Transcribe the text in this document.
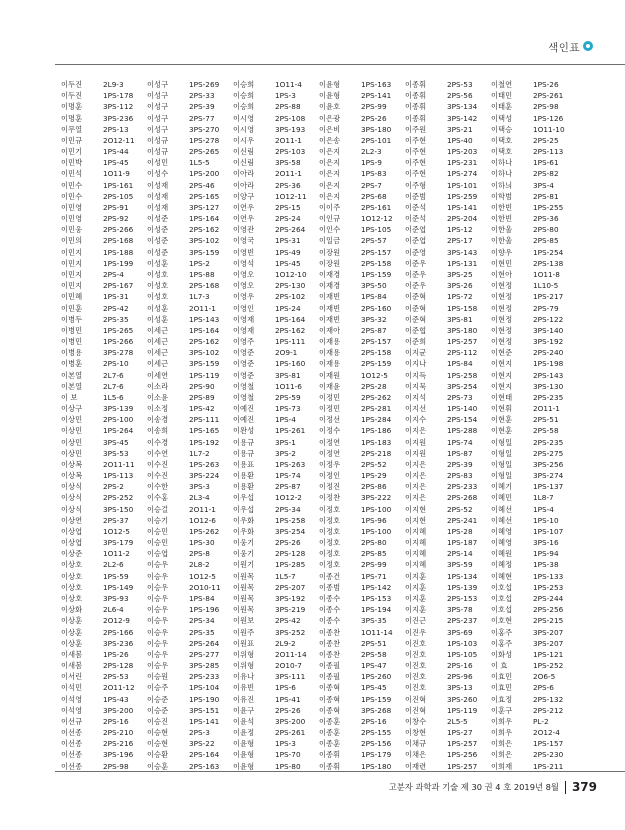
색인표
이두진	2L9-3	이성구	1PS-269	이승희	1O11-4	이윤형	1PS-163	이종휘	2PS-53	이철연	1PS-26
이두진	1PS-178	이성구	2PS-33	이승희	1PS-3	이윤형	2PS-141	이종휘	2PS-56	이태민	2PS-261
이명훈	3PS-112	이성구	2PS-39	이승희	2PS-88	이윤호	2PS-99	이종휘	3PS-134	이태훈	2PS-98
이명훈	3PS-236	이성구	2PS-77	이시영	2PS-108	이은광	2PS-26	이종휘	3PS-142	이택성	1PS-126
이무열	2PS-13	이성구	3PS-270	이시영	3PS-193	이은비	3PS-180	이주원	3PS-21	이택승	1O11-10
이민규	2O12-11	이성규	1PS-278	이시우	2O11-1	이은송	2PS-101	이주현	1PS-40	이택호	2PS-25
이민기	1PS-44	이성규	2PS-265	이신림	2PS-103	이은지	2L2-3	이주현	1PS-203	이택호	2PS-113
이민박	1PS-45	이성민	1L5-5	이신림	3PS-58	이은지	1PS-9	이주현	1PS-231	이하나	1PS-61
이민석	1O11-9	이성수	1PS-200	이아라	2O11-1	이은지	1PS-83	이주현	1PS-274	이하나	2PS-82
이민수	1PS-161	이성재	2PS-46	이아라	2PS-36	이은지	2PS-7	이주형	1PS-101	이하늬	3PS-4
이민수	2PS-105	이성재	2PS-165	이양구	1O12-11	이은지	2PS-68	이준범	1PS-259	이학범	2PS-81
이민영	2PS-91	이성재	3PS-127	이연우	2PS-15	이이주	2PS-161	이준석	1PS-141	이한빈	1PS-255
이민영	2PS-92	이성준	1PS-164	이연우	2PS-24	이인규	1O12-12	이준석	2PS-204	이한빈	2PS-36
이민웅	2PS-266	이성준	2PS-162	이영관	2PS-264	이인수	1PS-105	이준엽	1PS-12	이한울	2PS-80
이민의	2PS-168	이성준	3PS-102	이영국	1PS-31	이일금	2PS-57	이준엽	2PS-17	이한울	2PS-85
이민지	1PS-188	이성준	3PS-159	이영빈	1PS-49	이장원	2PS-157	이준영	3PS-143	이향우	1PS-254
이민지	1PS-199	이성훈	1PS-2	이영석	1PS-45	이장원	2PS-158	이준우	1PS-131	이현민	2PS-138
이민지	2PS-4	이성호	1PS-88	이영오	1O12-10	이재경	1PS-159	이준우	3PS-25	이현아	1O11-8
이민지	2PS-167	이성호	2PS-168	이영오	2PS-130	이재경	3PS-50	이준우	3PS-26	이현정	1L10-5
이민혜	1PS-31	이성호	1L7-3	이영우	2PS-102	이재빈	1PS-84	이준혁	1PS-72	이현정	1PS-217
이민훈	2PS-42	이성훈	2O11-1	이영인	1PS-24	이재빈	2PS-160	이준혁	1PS-158	이현정	2PS-79
이병두	2PS-35	이성훈	1PS-143	이영재	1PS-164	이재빈	3PS-32	이준혁	3PS-81	이현정	2PS-122
이병민	1PS-265	이세근	1PS-164	이영재	2PS-162	이재아	2PS-87	이준협	3PS-180	이현정	3PS-140
이병민	1PS-266	이세근	2PS-162	이영주	1PS-111	이재용	2PS-157	이준희	1PS-257	이현정	3PS-192
이병용	3PS-278	이세근	3PS-102	이영준	2O9-1	이재용	2PS-158	이지균	2PS-112	이현준	2PS-240
이병훈	2PS-10	이세근	3PS-159	이영준	1PS-160	이재용	2PS-159	이지나	1PS-84	이현지	1PS-198
이본열	2L7-6	이세연	1PS-119	이영준	3PS-81	이재원	1O12-5	이지득	1PS-258	이현지	2PS-143
이본열	2L7-6	이소라	2PS-90	이영철	1O11-6	이재윤	2PS-28	이지묵	3PS-254	이현지	3PS-130
이 보	1L5-6	이소윤	2PS-89	이영철	2PS-59	이정민	2PS-262	이지석	2PS-73	이현태	2PS-235
이상구	3PS-139	이소정	1PS-42	이예진	1PS-73	이정민	2PS-281	이지선	1PS-140	이현휘	2O11-1
이상민	2PS-100	이송경	2PS-111	이예진	1PS-4	이정선	1PS-284	이지수	2PS-154	이현훈	2PS-51
이상민	1PS-264	이송희	1PS-165	이완성	1PS-261	이정수	1PS-186	이지은	1PS-288	이현훈	2PS-58
이상민	3PS-45	이수경	1PS-192	이용규	3PS-1	이정연	1PS-183	이지원	1PS-74	이형일	2PS-235
이상민	3PS-53	이수연	1L7-2	이용규	3PS-2	이정연	2PS-218	이지원	1PS-87	이형일	2PS-275
이상복	2O11-11	이수진	1PS-263	이용표	1PS-263	이정우	2PS-52	이지은	2PS-39	이형일	3PS-256
이상복	1PS-113	이수진	3PS-224	이용환	1PS-74	이정인	1PS-29	이지은	2PS-83	이형일	3PS-274
이상식	2PS-2	이수한	3PS-3	이용환	2PS-87	이정진	2PS-86	이지은	2PS-233	이혜기	1PS-137
이상식	2PS-252	이수홍	2L3-4	이우섭	1O12-2	이정찬	3PS-222	이지은	2PS-268	이혜민	1L8-7
이상식	3PS-150	이승걸	2O11-1	이우섭	2PS-34	이정호	1PS-100	이지현	2PS-52	이혜선	1PS-4
이상연	2PS-37	이승기	1O12-6	이우화	1PS-258	이정호	1PS-96	이지현	2PS-241	이혜선	1PS-10
이상엽	1O12-5	이승민	1PS-262	이우화	3PS-254	이정호	1PS-100	이지혜	1PS-28	이혜영	1PS-107
이상엽	3PS-179	이승민	1PS-30	이웅기	2PS-26	이정호	2PS-80	이지혜	1PS-187	이혜영	3PS-16
이상준	1O11-2	이승엽	2PS-8	이웅기	2PS-128	이정호	2PS-85	이지혜	2PS-14	이혜원	1PS-94
이상호	2L2-6	이승우	2L8-2	이원기	1PS-285	이정호	2PS-99	이지혜	3PS-59	이혜정	1PS-38
이상호	1PS-59	이승우	1O12-5	이원목	1L5-7	이종건	1PS-71	이지훈	1PS-134	이혜현	1PS-133
이상호	1PS-149	이승우	2O10-11	이원목	2PS-207	이종범	1PS-142	이지훈	1PS-139	이호섭	1PS-253
이상호	3PS-93	이승우	1PS-84	이원목	3PS-192	이종수	1PS-153	이지훈	2PS-153	이호섭	2PS-244
이상화	2L6-4	이승우	1PS-196	이원목	3PS-219	이종수	1PS-194	이지훈	3PS-78	이호섭	2PS-256
이상훈	2O12-9	이승우	2PS-34	이원보	2PS-42	이종수	3PS-35	이진근	2PS-237	이호현	2PS-215
이상훈	2PS-166	이승우	2PS-35	이원주	3PS-252	이종찬	1O11-14	이진우	3PS-69	이홍주	3PS-207
이상훈	3PS-236	이승우	2PS-264	이원표	2L9-2	이종찬	2PS-51	이진호	1PS-103	이홍주	3PS-207
이새봄	1PS-26	이승우	2PS-277	이위형	2O11-14	이종찬	2PS-58	이진호	1PS-105	이화성	1PS-121
이새봄	2PS-128	이승우	3PS-285	이위형	2O10-7	이종필	1PS-47	이진호	2PS-16	이 효	1PS-252
이서린	2PS-53	이승원	2PS-233	이유나	3PS-111	이종필	1PS-260	이진호	2PS-96	이효민	2O6-5
이석민	2O11-12	이승주	1PS-104	이유빈	1PS-6	이종혁	1PS-45	이진호	3PS-13	이효민	2PS-6
이석영	1PS-43	이승준	1PS-190	이유진	1PS-41	이종혁	1PS-159	이진혁	3PS-260	이효정	2PS-132
이석영	3PS-200	이승준	3PS-151	이윤구	2PS-26	이종혁	3PS-268	이진혁	1PS-119	이훈구	2PS-212
이선규	2PS-16	이승진	1PS-141	이윤석	3PS-200	이종훈	2PS-16	이창수	2L5-5	이희우	PL-2
이선종	2PS-210	이승현	2PS-3	이윤정	2PS-261	이종훈	2PS-155	이창현	1PS-27	이희우	2O12-4
이선종	2PS-216	이승현	3PS-22	이윤형	1PS-3	이종훈	2PS-156	이채규	1PS-257	이희은	1PS-157
이선종	3PS-196	이승환	2PS-164	이윤형	1PS-70	이종휘	1PS-179	이채은	1PS-256	이희은	2PS-230
이선종	2PS-98	이승훈	2PS-163	이윤형	1PS-80	이종휘	1PS-180	이재련	1PS-257	이희재	1PS-211
고분자 과학과 기술 제 30 권 4 호 2019년 8월 379
